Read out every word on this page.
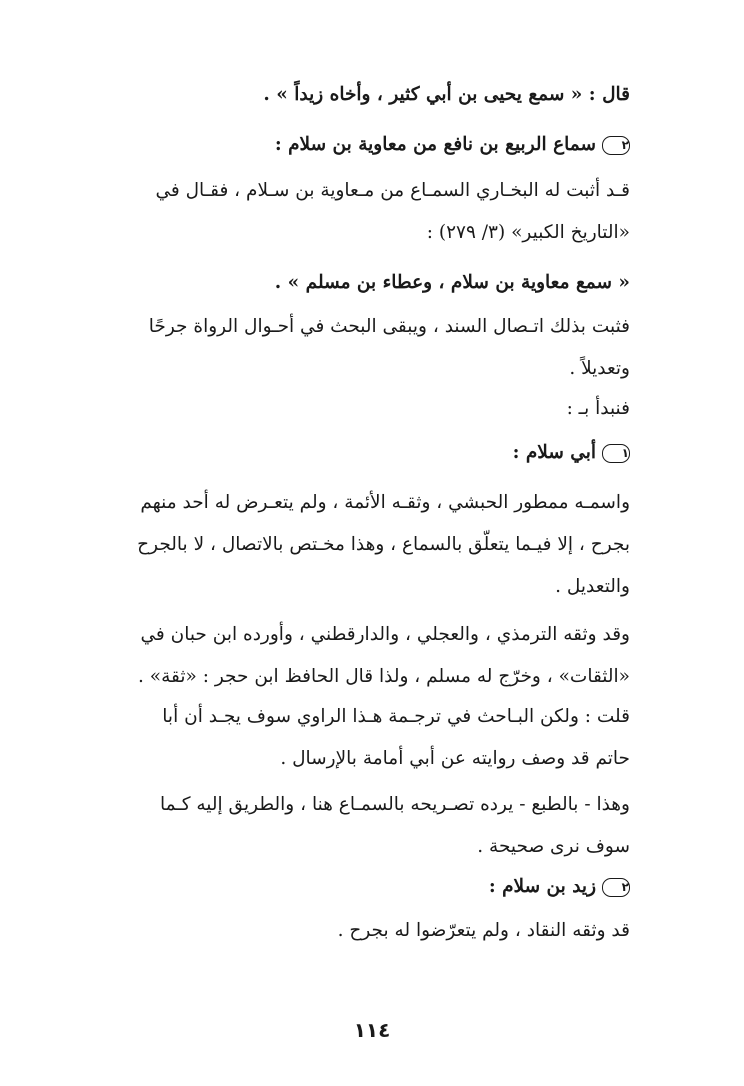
قال : « سمع يحيى بن أبي كثير ، وأخاه زيداً » .
٢سماع الربيع بن نافع من معاوية بن سلام :
قـد أثبت له البخـاري السمـاع من مـعاوية بن سـلام ، فقـال في
«التاريخ الكبير» (٣/ ٢٧٩) :
« سمع معاوية بن سلام ، وعطاء بن مسلم » .
فثبت بذلك اتـصال السند ، ويبقى البحث في أحـوال الرواة جرحًا
وتعديلاً .
فنبدأ بـ :
١أبي سلام :
واسمـه ممطور الحبشي ، وثقـه الأئمة ، ولم يتعـرض له أحد منهم
بجرح ، إلا فيـما يتعلّق بالسماع ، وهذا مخـتص بالاتصال ، لا بالجرح
والتعديل .
وقد وثقه الترمذي ، والعجلي ، والدارقطني ، وأورده ابن حبان في
«الثقات» ، وخرّج له مسلم ، ولذا قال الحافظ ابن حجر : «ثقة» .
قلت : ولكن البـاحث في ترجـمة هـذا الراوي سوف يجـد أن أبا
حاتم قد وصف روايته عن أبي أمامة بالإرسال .
وهذا - بالطبع - يرده تصـريحه بالسمـاع هنا ، والطريق إليه كـما
سوف نرى صحيحة .
٢زيد بن سلام :
قد وثقه النقاد ، ولم يتعرّضوا له بجرح .
١١٤
